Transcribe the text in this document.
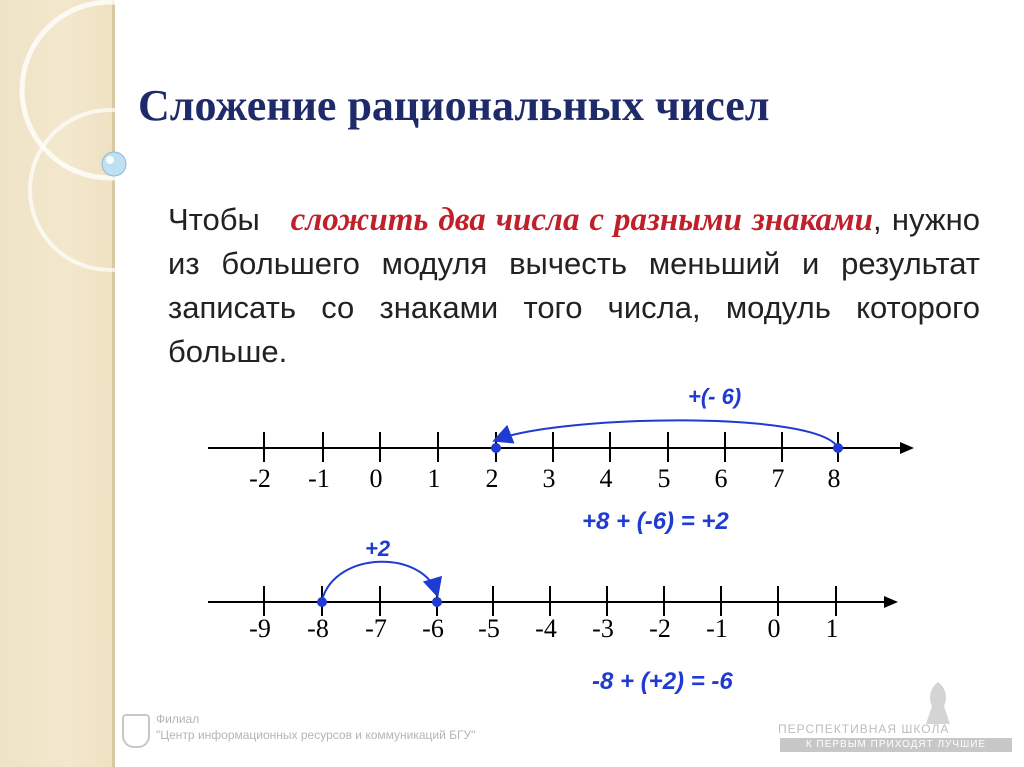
Сложение рациональных чисел
Чтобы сложить два числа с разными знаками, нужно из большего модуля вычесть меньший и результат записать со знаками того числа, модуль которого больше.
-2 -1 0 1 2 3 4 5 6 7 8
-9 -8 -7 -6 -5 -4 -3 -2 -1 0 1
+(- 6)
+8 + (-6) = +2
+2
-8 + (+2) = -6
Филиал
"Центр информационных ресурсов и коммуникаций БГУ"	ПЕРСПЕКТИВНАЯ ШКОЛА
К ПЕРВЫМ ПРИХОДЯТ ЛУЧШИЕ
